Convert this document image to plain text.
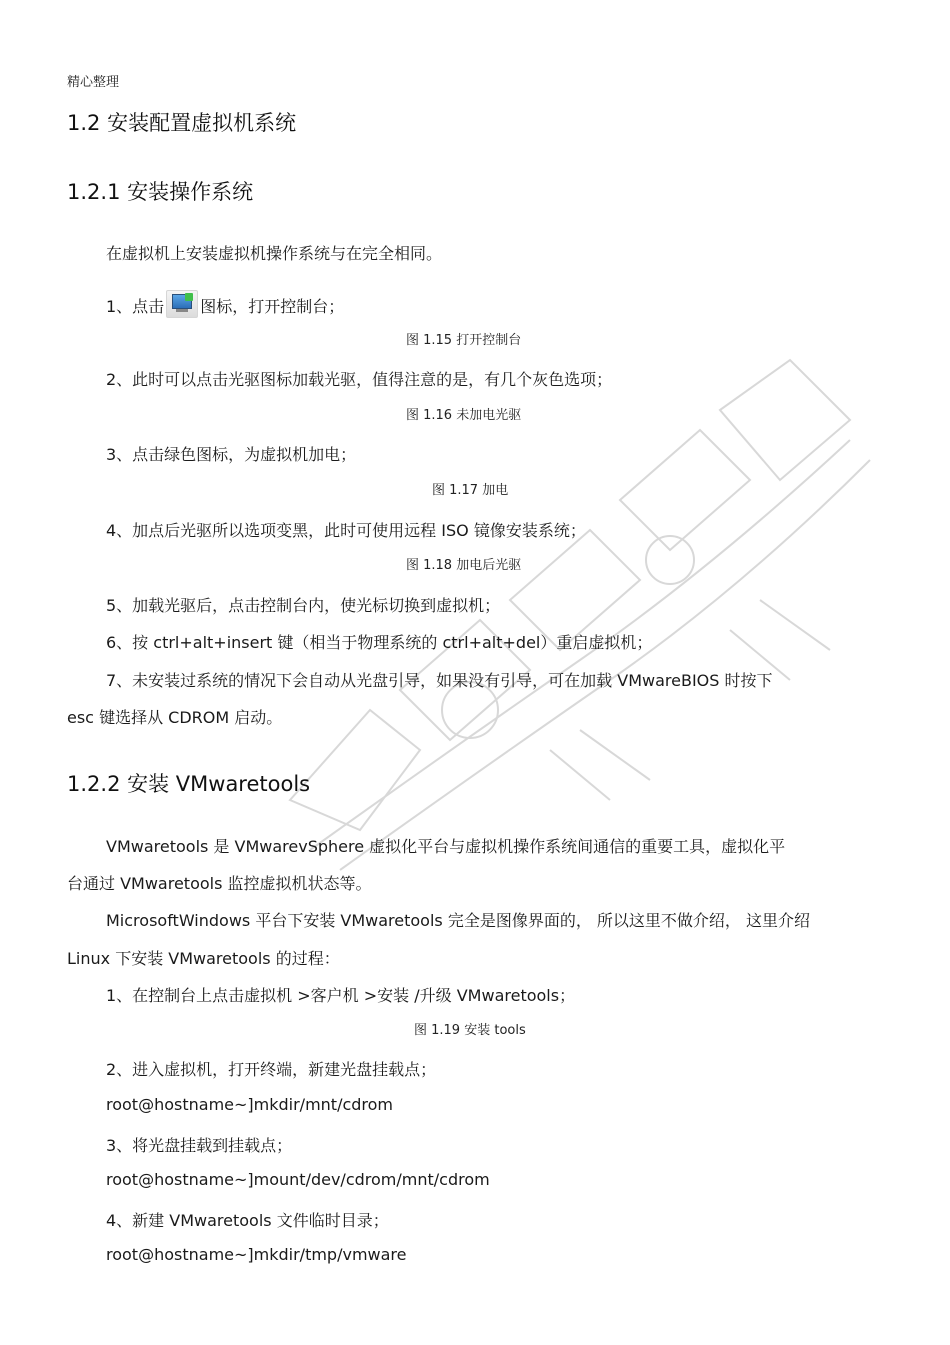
精心整理
1.2 安装配置虚拟机系统
1.2.1 安装操作系统
在虚拟机上安装虚拟机操作系统与在完全相同。
1、点击 图标，打开控制台；
图 1.15 打开控制台
2、此时可以点击光驱图标加载光驱，值得注意的是，有几个灰色选项；
图 1.16 未加电光驱
3、点击绿色图标，为虚拟机加电；
图 1.17 加电
4、加点后光驱所以选项变黑，此时可使用远程 ISO 镜像安装系统；
图 1.18 加电后光驱
5、加载光驱后，点击控制台内，使光标切换到虚拟机；
6、按 ctrl+alt+insert 键（相当于物理系统的 ctrl+alt+del）重启虚拟机；
7、未安装过系统的情况下会自动从光盘引导，如果没有引导，可在加载 VMwareBIOS 时按下
esc 键选择从 CDROM 启动。
1.2.2 安装 VMwaretools
VMwaretools 是 VMwarevSphere 虚拟化平台与虚拟机操作系统间通信的重要工具，虚拟化平
台通过 VMwaretools 监控虚拟机状态等。
MicrosoftWindows 平台下安装 VMwaretools 完全是图像界面的， 所以这里不做介绍， 这里介绍
Linux 下安装 VMwaretools 的过程：
1、在控制台上点击虚拟机 >客户机 >安装 /升级 VMwaretools；
图 1.19 安装 tools
2、进入虚拟机，打开终端，新建光盘挂载点；
root@hostname~]mkdir/mnt/cdrom
3、将光盘挂载到挂载点；
root@hostname~]mount/dev/cdrom/mnt/cdrom
4、新建 VMwaretools 文件临时目录；
root@hostname~]mkdir/tmp/vmware
